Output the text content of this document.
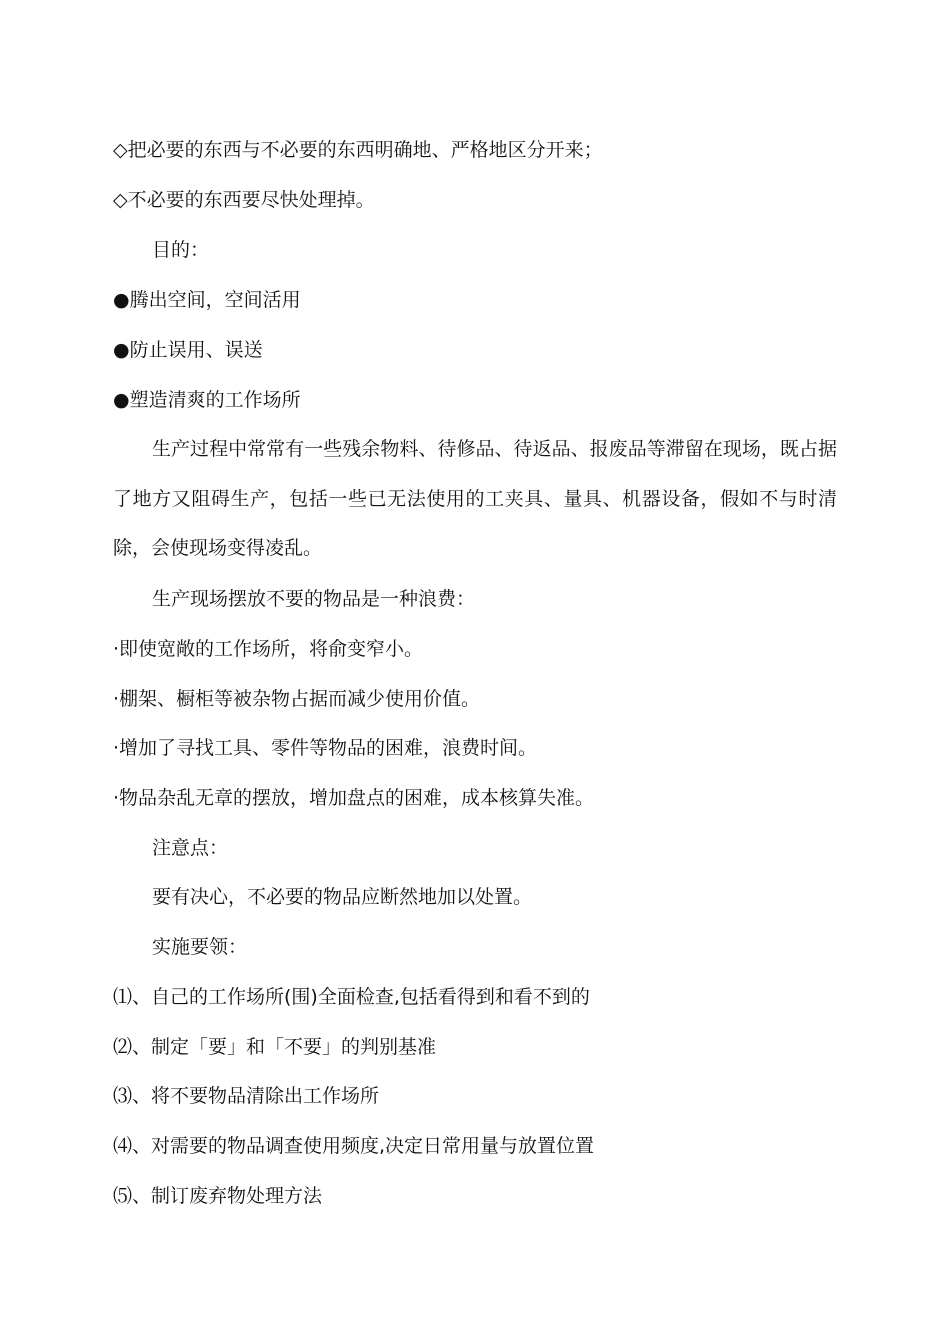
◇把必要的东西与不必要的东西明确地、严格地区分开来；
◇不必要的东西要尽快处理掉。
目的：
●腾出空间，空间活用
●防止误用、误送
●塑造清爽的工作场所
生产过程中常常有一些残余物料、待修品、待返品、报废品等滞留在现场，既占据了地方又阻碍生产，包括一些已无法使用的工夹具、量具、机器设备，假如不与时清除，会使现场变得凌乱。
生产现场摆放不要的物品是一种浪费：
·即使宽敞的工作场所，将俞变窄小。
·棚架、橱柜等被杂物占据而减少使用价值。
·增加了寻找工具、零件等物品的困难，浪费时间。
·物品杂乱无章的摆放，增加盘点的困难，成本核算失准。
注意点：
要有决心，不必要的物品应断然地加以处置。
实施要领：
⑴、自己的工作场所(围)全面检查,包括看得到和看不到的
⑵、制定「要」和「不要」的判别基准
⑶、将不要物品清除出工作场所
⑷、对需要的物品调查使用频度,决定日常用量与放置位置
⑸、制订废弃物处理方法
